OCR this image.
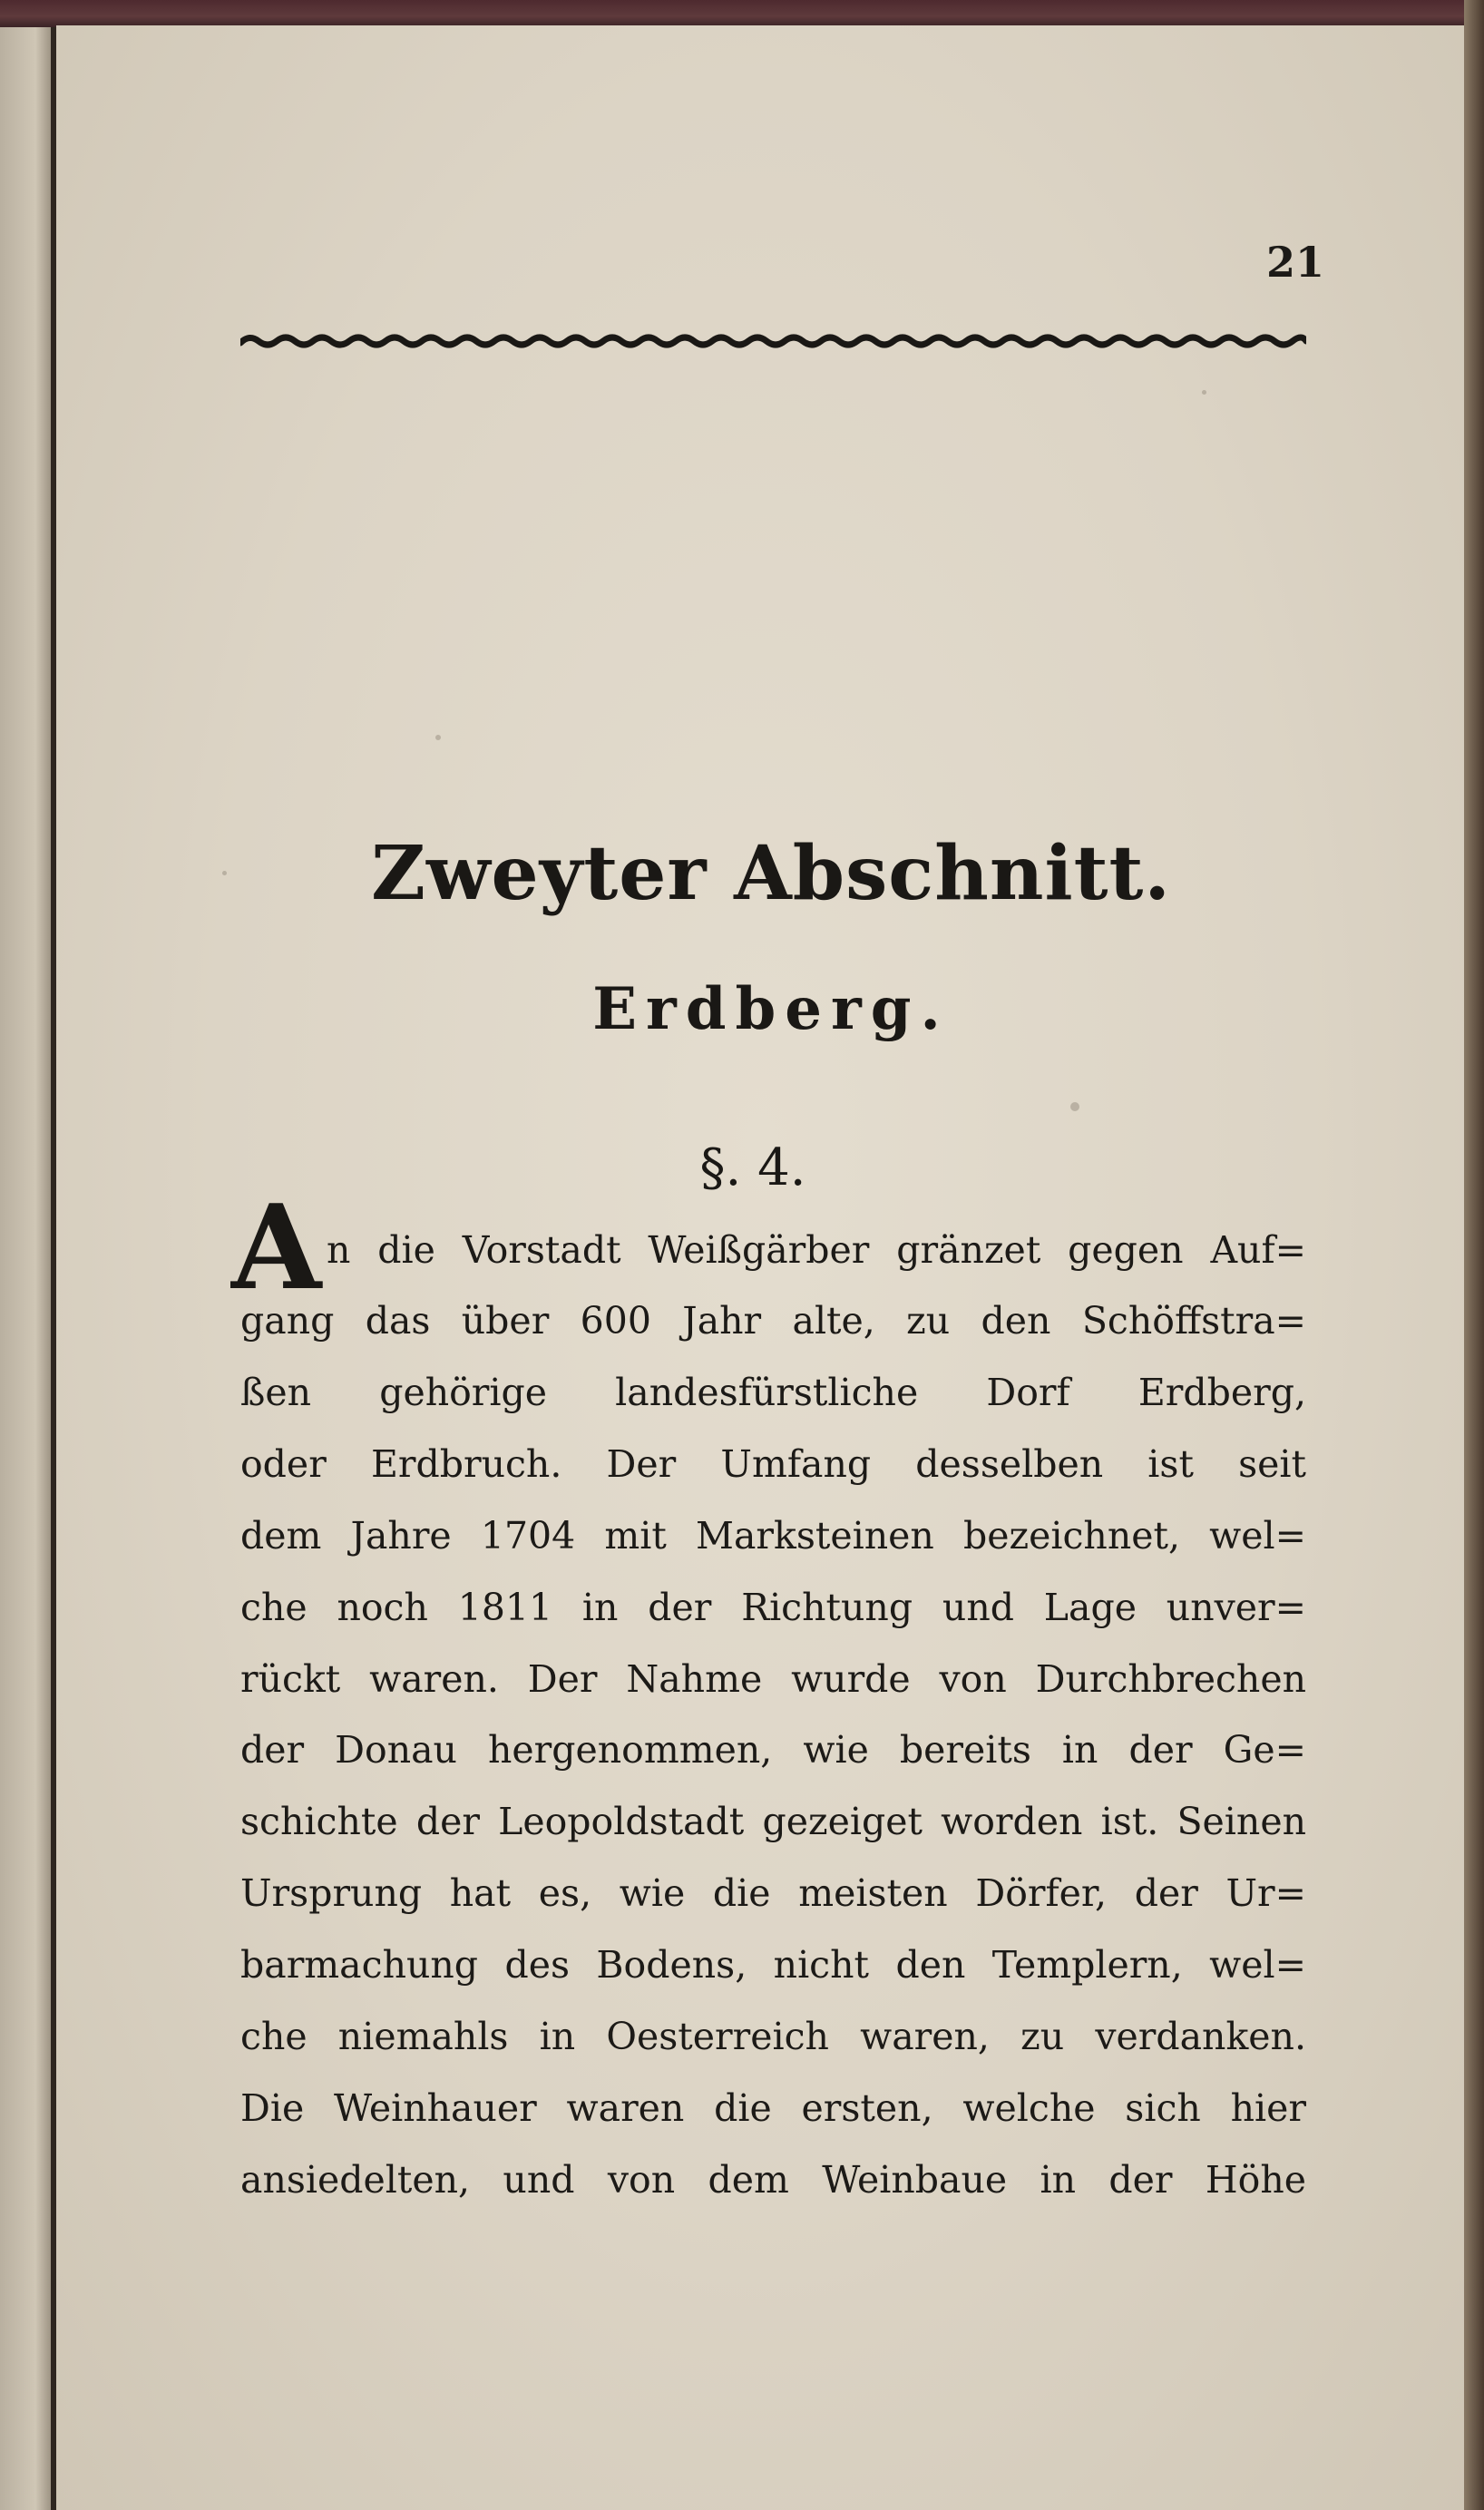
21
Zweyter Abschnitt.
Erdberg.
§. 4.
A n die Vorstadt Weißgärber gränzet gegen Auf=
gang das über 600 Jahr alte, zu den Schöffstra=
ßen gehörige landesfürstliche Dorf Erdberg,
oder Erdbruch. Der Umfang desselben ist seit
dem Jahre 1704 mit Marksteinen bezeichnet, wel=
che noch 1811 in der Richtung und Lage unver=
rückt waren. Der Nahme wurde von Durchbrechen
der Donau hergenommen, wie bereits in der Ge=
schichte der Leopoldstadt gezeiget worden ist. Seinen
Ursprung hat es, wie die meisten Dörfer, der Ur=
barmachung des Bodens, nicht den Templern, wel=
che niemahls in Oesterreich waren, zu verdanken.
Die Weinhauer waren die ersten, welche sich hier
ansiedelten, und von dem Weinbaue in der Höhe
